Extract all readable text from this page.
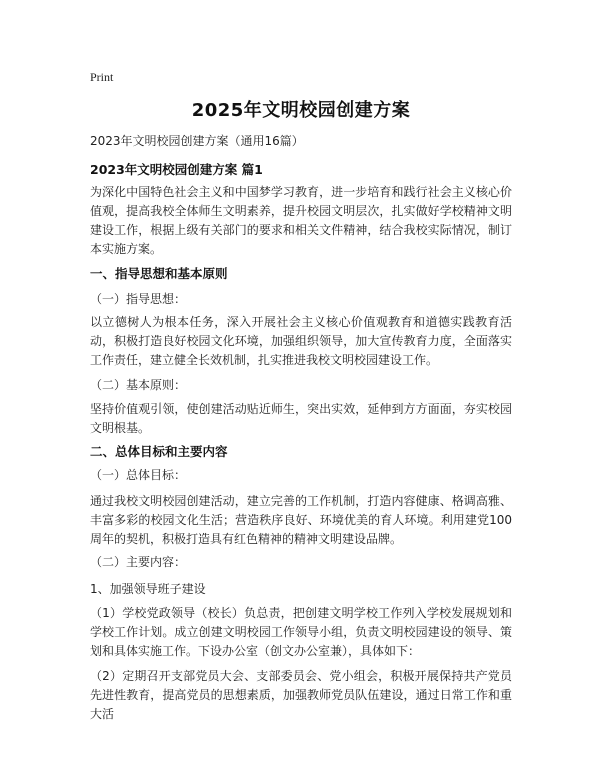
Print
2025年文明校园创建方案
2023年文明校园创建方案（通用16篇）
2023年文明校园创建方案 篇1
为深化中国特色社会主义和中国梦学习教育，进一步培育和践行社会主义核心价值观，提高我校全体师生文明素养，提升校园文明层次，扎实做好学校精神文明建设工作，根据上级有关部门的要求和相关文件精神，结合我校实际情况，制订本实施方案。
一、指导思想和基本原则
（一）指导思想：
以立德树人为根本任务，深入开展社会主义核心价值观教育和道德实践教育活动，积极打造良好校园文化环境，加强组织领导，加大宣传教育力度，全面落实工作责任，建立健全长效机制，扎实推进我校文明校园建设工作。
（二）基本原则：
坚持价值观引领，使创建活动贴近师生，突出实效，延伸到方方面面，夯实校园文明根基。
二、总体目标和主要内容
（一）总体目标：
通过我校文明校园创建活动，建立完善的工作机制，打造内容健康、格调高雅、丰富多彩的校园文化生活；营造秩序良好、环境优美的育人环境。利用建党100周年的契机，积极打造具有红色精神的精神文明建设品牌。
（二）主要内容：
1、加强领导班子建设
（1）学校党政领导（校长）负总责，把创建文明学校工作列入学校发展规划和学校工作计划。成立创建文明校园工作领导小组，负责文明校园建设的领导、策划和具体实施工作。下设办公室（创文办公室兼），具体如下：
（2）定期召开支部党员大会、支部委员会、党小组会，积极开展保持共产党员先进性教育，提高党员的思想素质，加强教师党员队伍建设，通过日常工作和重大活
